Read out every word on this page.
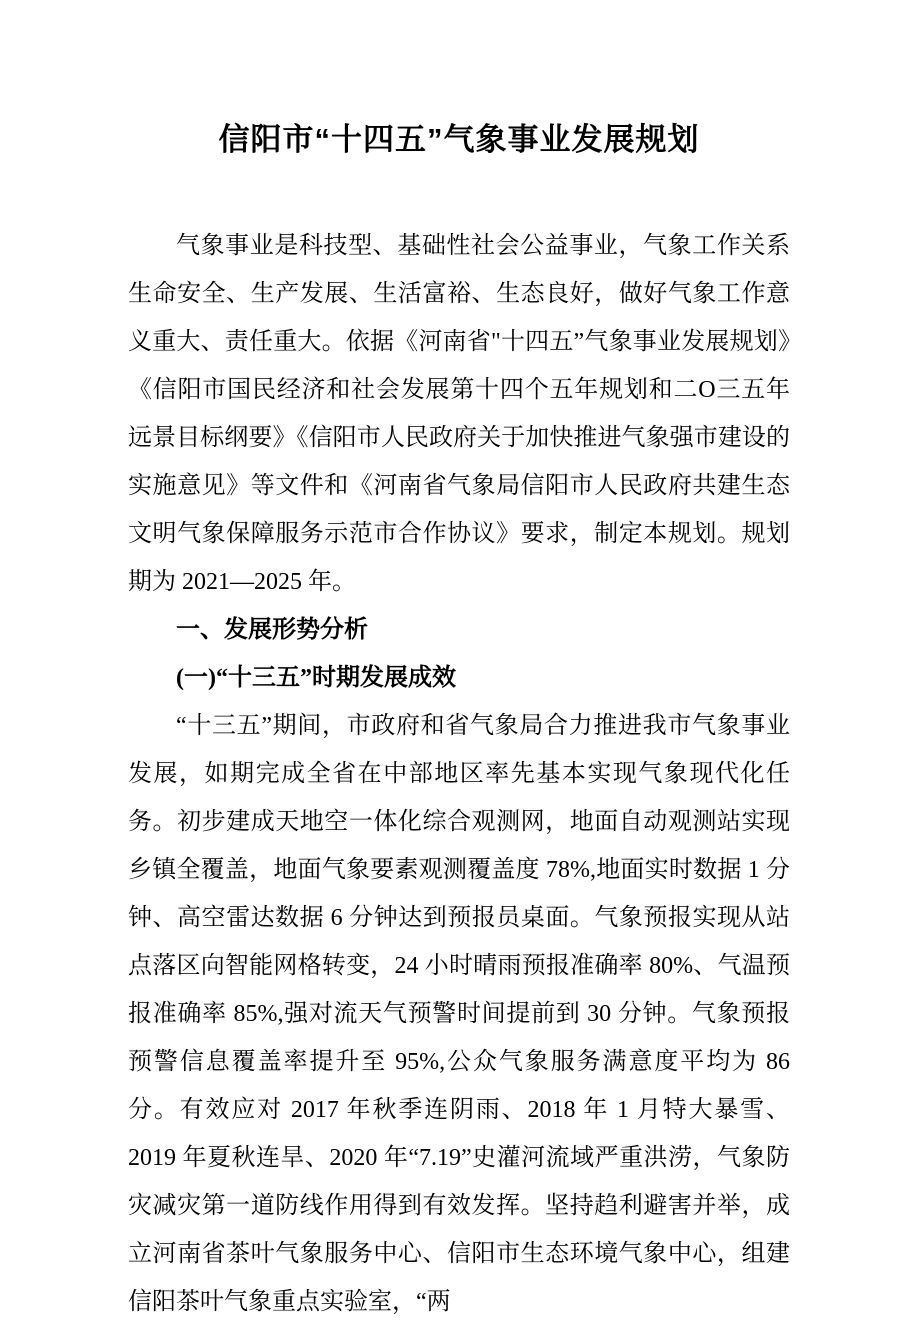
信阳市“十四五”气象事业发展规划

气象事业是科技型、基础性社会公益事业，气象工作关系生命安全、生产发展、生活富裕、生态良好，做好气象工作意义重大、责任重大。依据《河南省"十四五”气象事业发展规划》《信阳市国民经济和社会发展第十四个五年规划和二O三五年远景目标纲要》《信阳市人民政府关于加快推进气象强市建设的实施意见》等文件和《河南省气象局信阳市人民政府共建生态文明气象保障服务示范市合作协议》要求，制定本规划。规划期为 2021—2025 年。

一、发展形势分析
(一)“十三五”时期发展成效

“十三五”期间，市政府和省气象局合力推进我市气象事业发展，如期完成全省在中部地区率先基本实现气象现代化任务。初步建成天地空一体化综合观测网，地面自动观测站实现乡镇全覆盖，地面气象要素观测覆盖度 78%,地面实时数据 1 分钟、高空雷达数据 6 分钟达到预报员桌面。气象预报实现从站点落区向智能网格转变，24 小时晴雨预报准确率 80%、气温预报准确率 85%,强对流天气预警时间提前到 30 分钟。气象预报预警信息覆盖率提升至 95%,公众气象服务满意度平均为 86 分。有效应对 2017 年秋季连阴雨、2018 年 1 月特大暴雪、2019 年夏秋连旱、2020 年“7.19”史灌河流域严重洪涝，气象防灾减灾第一道防线作用得到有效发挥。坚持趋利避害并举，成立河南省茶叶气象服务中心、信阳市生态环境气象中心，组建信阳茶叶气象重点实验室，“两
